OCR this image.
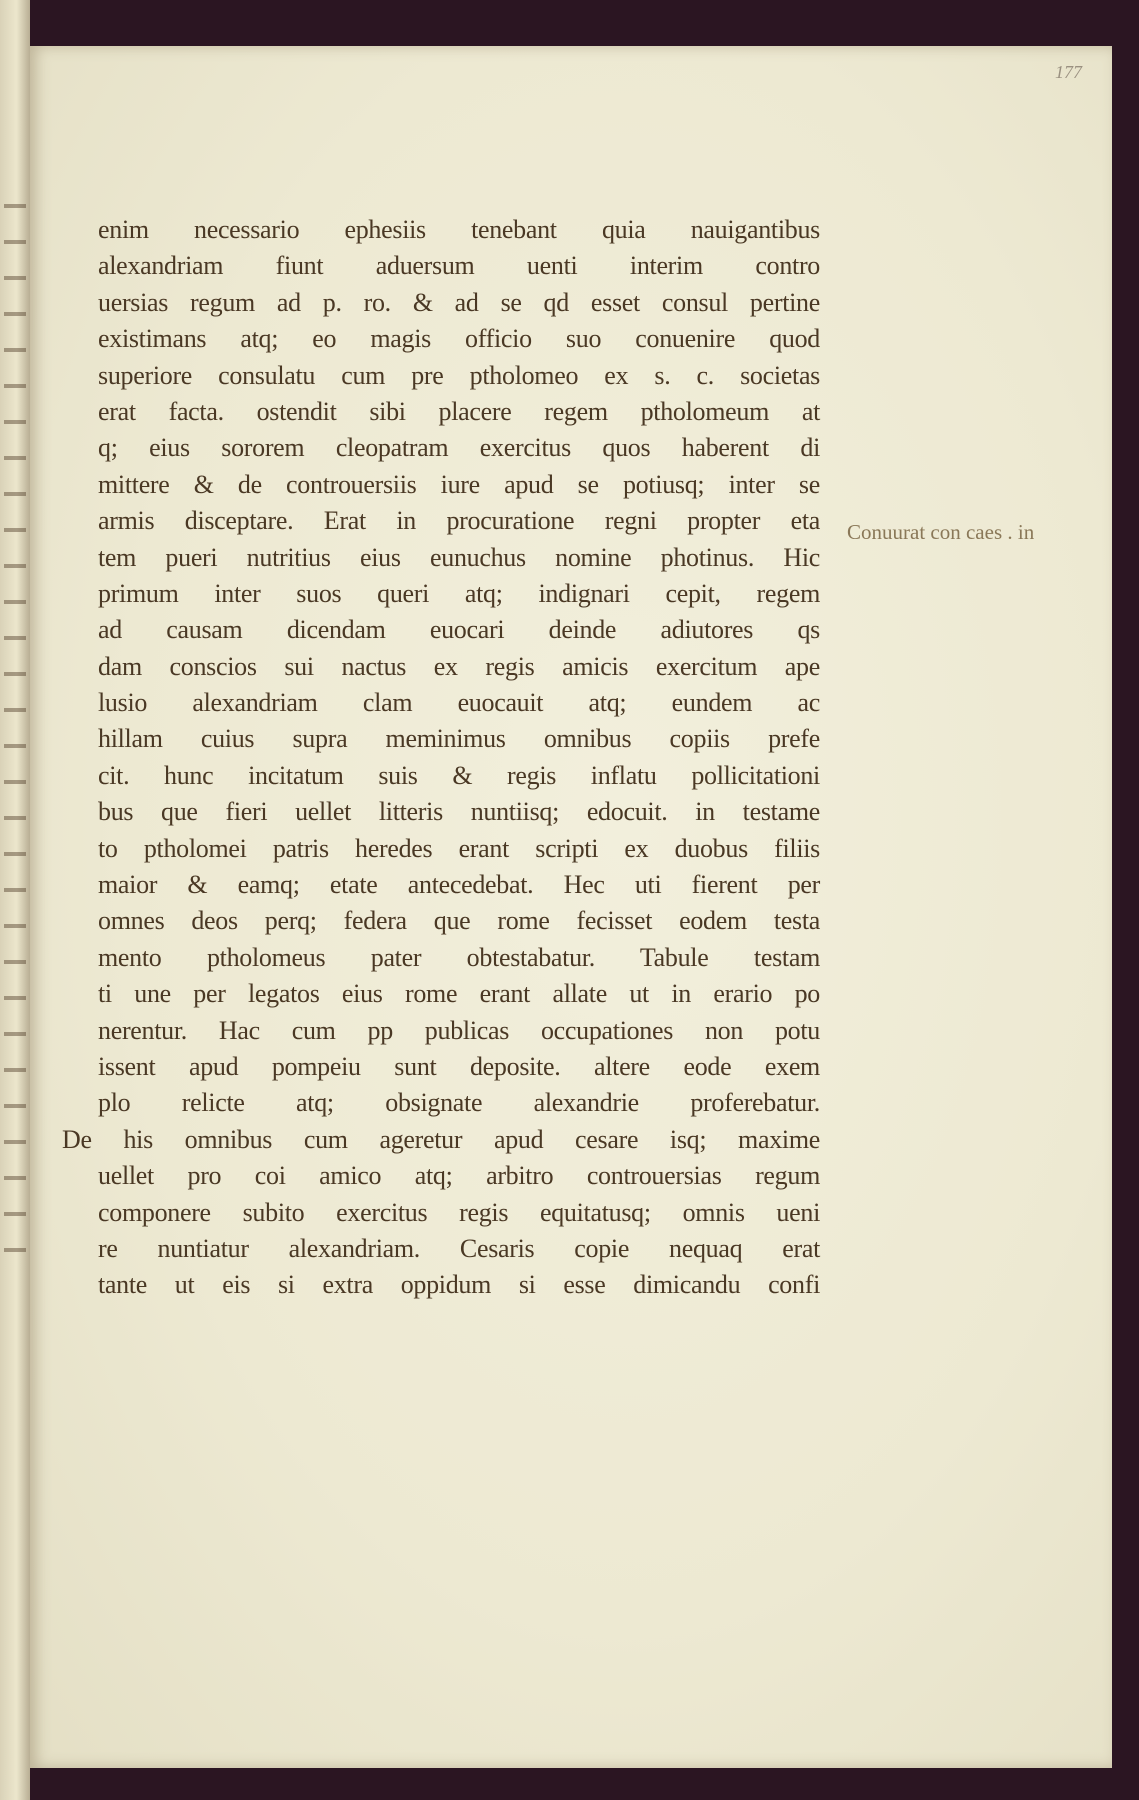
177
enim necessario ephesiis tenebant quia nauigantibus
alexandriam fiunt aduersum uenti interim contro
uersias regum ad p. ro. & ad se qd esset consul pertine
existimans atq; eo magis officio suo conuenire quod
superiore consulatu cum pre ptholomeo ex s. c. societas
erat facta. ostendit sibi placere regem ptholomeum at
q; eius sororem cleopatram exercitus quos haberent di
mittere & de controuersiis iure apud se potiusq; inter se
armis disceptare. Erat in procuratione regni propter eta
tem pueri nutritius eius eunuchus nomine photinus. Hic
primum inter suos queri atq; indignari cepit, regem
ad causam dicendam euocari deinde adiutores qs
dam conscios sui nactus ex regis amicis exercitum ape
lusio alexandriam clam euocauit atq; eundem ac
hillam cuius supra meminimus omnibus copiis prefe
cit. hunc incitatum suis & regis inflatu pollicitationi
bus que fieri uellet litteris nuntiisq; edocuit. in testame
to ptholomei patris heredes erant scripti ex duobus filiis
maior & eamq; etate antecedebat. Hec uti fierent per
omnes deos perq; federa que rome fecisset eodem testa
mento ptholomeus pater obtestabatur. Tabule testam
ti une per legatos eius rome erant allate ut in erario po
nerentur. Hac cum pp publicas occupationes non potu
issent apud pompeiu sunt deposite. altere eode exem
plo relicte atq; obsignate alexandrie proferebatur.
De his omnibus cum ageretur apud cesare isq; maxime
uellet pro coi amico atq; arbitro controuersias regum
componere subito exercitus regis equitatusq; omnis ueni
re nuntiatur alexandriam. Cesaris copie nequaq erat
tante ut eis si extra oppidum si esse dimicandu confi
Conuurat con caes . in
